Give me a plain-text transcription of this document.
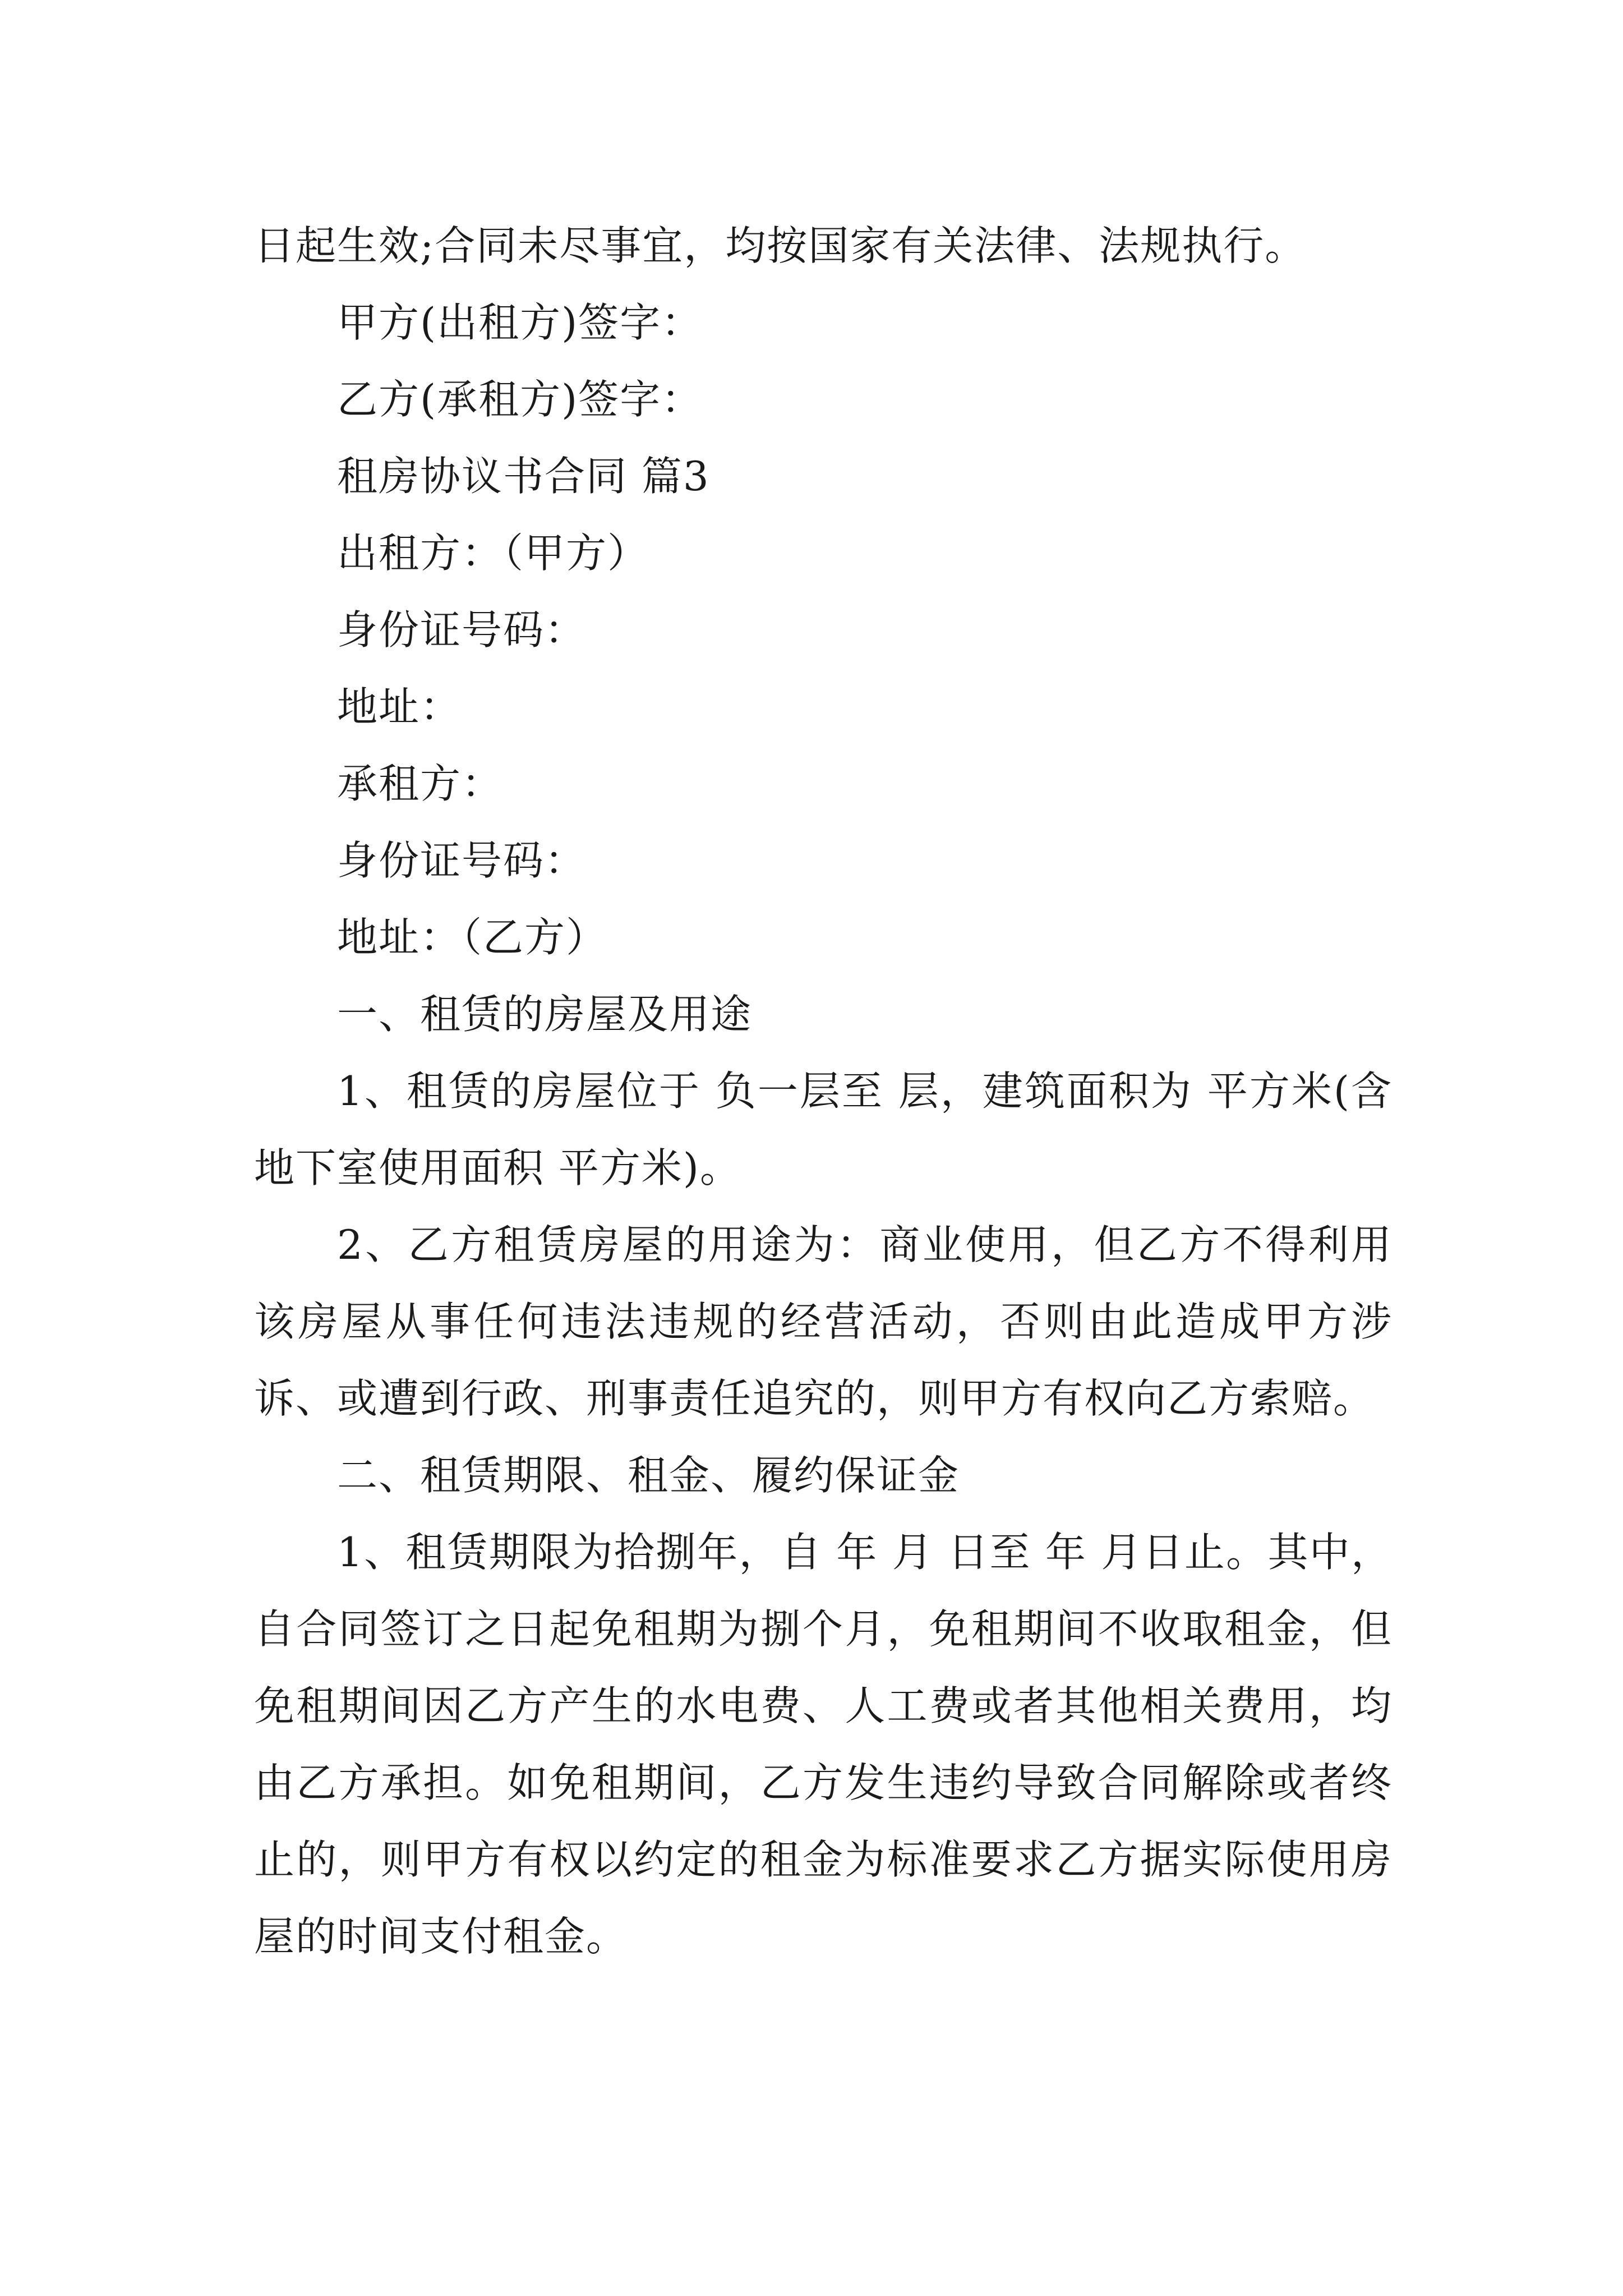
日起生效;合同未尽事宜，均按国家有关法律、法规执行。

甲方(出租方)签字：

乙方(承租方)签字：

租房协议书合同 篇3

出租方：（甲方）

身份证号码：

地址：

承租方：

身份证号码：

地址：（乙方）

一、租赁的房屋及用途

1、租赁的房屋位于 负一层至 层，建筑面积为 平方米(含地下室使用面积 平方米)。

2、乙方租赁房屋的用途为：商业使用，但乙方不得利用该房屋从事任何违法违规的经营活动，否则由此造成甲方涉诉、或遭到行政、刑事责任追究的，则甲方有权向乙方索赔。

二、租赁期限、租金、履约保证金

1、租赁期限为拾捌年，自 年 月 日至 年 月日止。其中，自合同签订之日起免租期为捌个月，免租期间不收取租金，但免租期间因乙方产生的水电费、人工费或者其他相关费用，均由乙方承担。如免租期间，乙方发生违约导致合同解除或者终止的，则甲方有权以约定的租金为标准要求乙方据实际使用房屋的时间支付租金。
